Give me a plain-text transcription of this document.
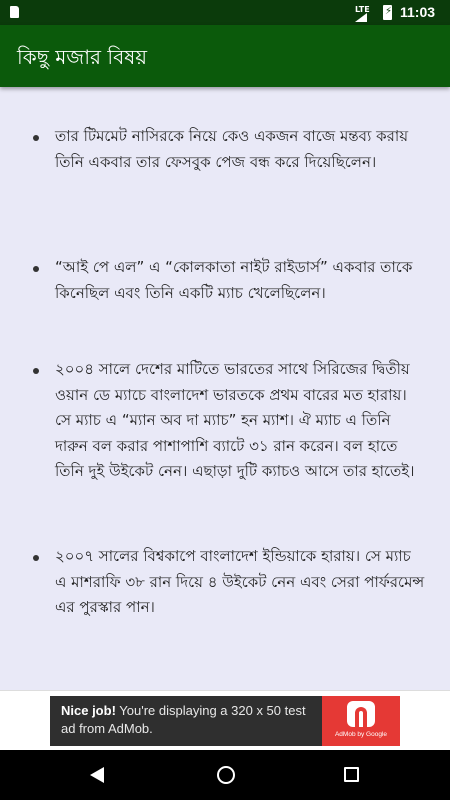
LTE ⚡ 11:03
কিছু মজার বিষয়
তার টিমমেট নাসিরকে নিয়ে কেও একজন বাজে মন্তব্য করায় তিনি একবার তার ফেসবুক পেজ বন্ধ করে দিয়েছিলেন।
“আই পে এল” এ “কোলকাতা নাইট রাইডার্স” একবার তাকে কিনেছিল এবং তিনি একটি ম্যাচ খেলেছিলেন।
২০০৪ সালে দেশের মাটিতে ভারতের সাথে সিরিজের দ্বিতীয় ওয়ান ডে ম্যাচে বাংলাদেশ ভারতকে প্রথম বারের মত হারায়। সে ম্যাচ এ “ম্যান অব দা ম্যাচ” হন ম্যাশ। ঐ ম্যাচ এ তিনি দারুন বল করার পাশাপাশি ব্যাটে ৩১ রান করেন। বল হাতে তিনি দুই উইকেট নেন। এছাড়া দুটি ক্যাচও আসে তার হাতেই।
২০০৭ সালের বিশ্বকাপে বাংলাদেশ ইন্ডিয়াকে হারায়। সে ম্যাচ এ মাশরাফি ৩৮ রান দিয়ে ৪ উইকেট নেন এবং সেরা পার্ফরমেন্স এর পুরস্কার পান।
Nice job! You're displaying a 320 x 50 test ad from AdMob.	AdMob by Google
